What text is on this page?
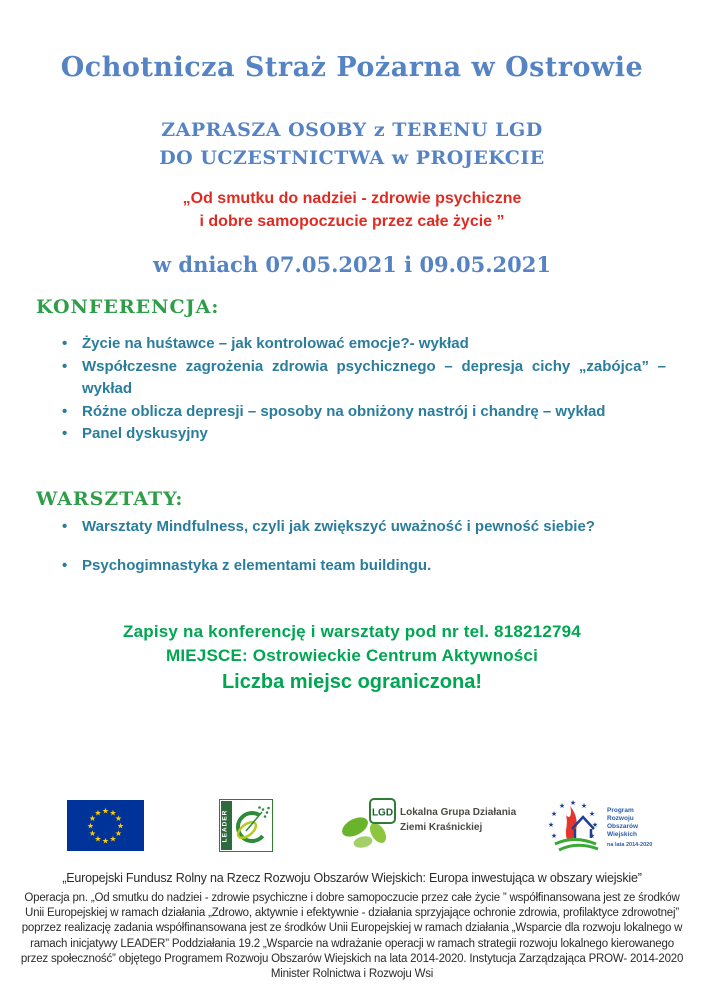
Ochotnicza Straż Pożarna w Ostrowie
ZAPRASZA OSOBY z TERENU LGD
DO UCZESTNICTWA w PROJEKCIE
„Od smutku do nadziei - zdrowie psychiczne
i dobre samopoczucie przez całe życie ”
w dniach 07.05.2021 i 09.05.2021
KONFERENCJA:
• Życie na huśtawce – jak kontrolować emocje?- wykład
• Współczesne zagrożenia zdrowia psychicznego – depresja cichy „zabójca” – wykład
• Różne oblicza depresji – sposoby na obniżony nastrój i chandrę – wykład
• Panel dyskusyjny
WARSZTATY:
• Warsztaty Mindfulness, czyli jak zwiększyć uważność i pewność siebie?
• Psychogimnastyka z elementami team buildingu.
Zapisy na konferencję i warsztaty pod nr tel. 818212794
MIEJSCE: Ostrowieckie Centrum Aktywności
Liczba miejsc ograniczona!
★ ★
★
★
★
★
★
★
★
★
★
★	LEADER	LGD Lokalna Grupa Działania
Ziemi Kraśnickiej
★
★
★
★ ★ ★
★
★
★
Program
Rozwoju
Obszarów
Wiejskich
na lata 2014-2020
„Europejski Fundusz Rolny na Rzecz Rozwoju Obszarów Wiejskich: Europa inwestująca w obszary wiejskie”
Operacja pn. „Od smutku do nadziei - zdrowie psychiczne i dobre samopoczucie przez całe życie ” współfinansowana jest ze środków Unii Europejskiej w ramach działania „Zdrowo, aktywnie i efektywnie - działania sprzyjające ochronie zdrowia, profilaktyce zdrowotnej” poprzez realizację zadania współfinansowana jest ze środków Unii Europejskiej w ramach działania „Wsparcie dla rozwoju lokalnego w ramach inicjatywy LEADER” Poddziałania 19.2 „Wsparcie na wdrażanie operacji w ramach strategii rozwoju lokalnego kierowanego przez społeczność” objętego Programem Rozwoju Obszarów Wiejskich na lata 2014-2020. Instytucja Zarządzająca PROW- 2014-2020 Minister Rolnictwa i Rozwoju Wsi
